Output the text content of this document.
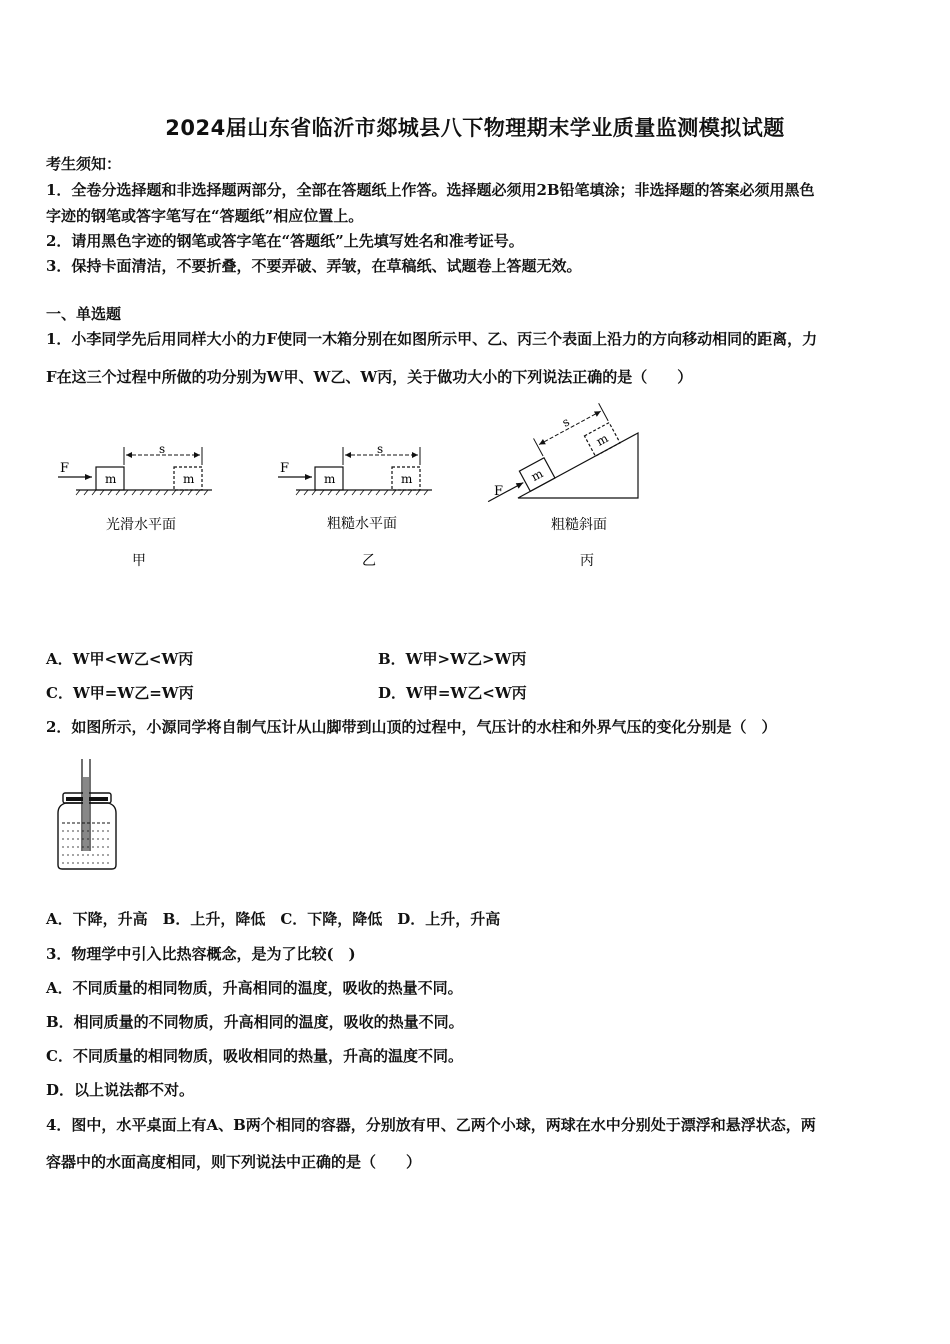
2024届山东省临沂市郯城县八下物理期末学业质量监测模拟试题
考生须知：
1．全卷分选择题和非选择题两部分，全部在答题纸上作答。选择题必须用2B铅笔填涂；非选择题的答案必须用黑色
字迹的钢笔或答字笔写在“答题纸”相应位置上。
2．请用黑色字迹的钢笔或答字笔在“答题纸”上先填写姓名和准考证号。
3．保持卡面清洁，不要折叠，不要弄破、弄皱，在草稿纸、试题卷上答题无效。
一、单选题
1．小李同学先后用同样大小的力F使同一木箱分别在如图所示甲、乙、丙三个表面上沿力的方向移动相同的距离，力
F在这三个过程中所做的功分别为W甲、W乙、W丙，关于做功大小的下列说法正确的是（　　）
F
m	m
s
光滑水平面
甲
F
m	m
s
粗糙水平面
乙
m
m
s
F
粗糙斜面
丙
A．W甲<W乙<W丙	B．W甲>W乙>W丙
C．W甲=W乙=W丙	D．W甲=W乙<W丙
2．如图所示，小源同学将自制气压计从山脚带到山顶的过程中，气压计的水柱和外界气压的变化分别是（　）
A．下降，升高　B．上升，降低　C．下降，降低　D．上升，升高
3．物理学中引入比热容概念，是为了比较(　)
A．不同质量的相同物质，升高相同的温度，吸收的热量不同。
B．相同质量的不同物质，升高相同的温度，吸收的热量不同。
C．不同质量的相同物质，吸收相同的热量，升高的温度不同。
D．以上说法都不对。
4．图中，水平桌面上有A、B两个相同的容器，分别放有甲、乙两个小球，两球在水中分别处于漂浮和悬浮状态，两
容器中的水面高度相同，则下列说法中正确的是（　　）
